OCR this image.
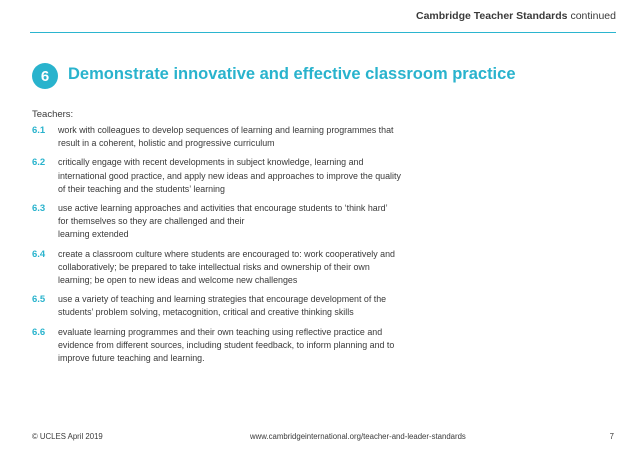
Cambridge Teacher Standards continued
6	Demonstrate innovative and effective classroom practice
Teachers:
6.1	work with colleagues to develop sequences of learning and learning programmes that
result in a coherent, holistic and progressive curriculum
6.2	critically engage with recent developments in subject knowledge, learning and
international good practice, and apply new ideas and approaches to improve the quality
of their teaching and the students’ learning
6.3	use active learning approaches and activities that encourage students to ‘think hard’
for themselves so they are challenged and their
learning extended
6.4	create a classroom culture where students are encouraged to: work cooperatively and
collaboratively; be prepared to take intellectual risks and ownership of their own
learning; be open to new ideas and welcome new challenges
6.5	use a variety of teaching and learning strategies that encourage development of the
students’ problem solving, metacognition, critical and creative thinking skills
6.6	evaluate learning programmes and their own teaching using reflective practice and
evidence from different sources, including student feedback, to inform planning and to
improve future teaching and learning.
© UCLES April 2019	www.cambridgeinternational.org/teacher-and-leader-standards	7
